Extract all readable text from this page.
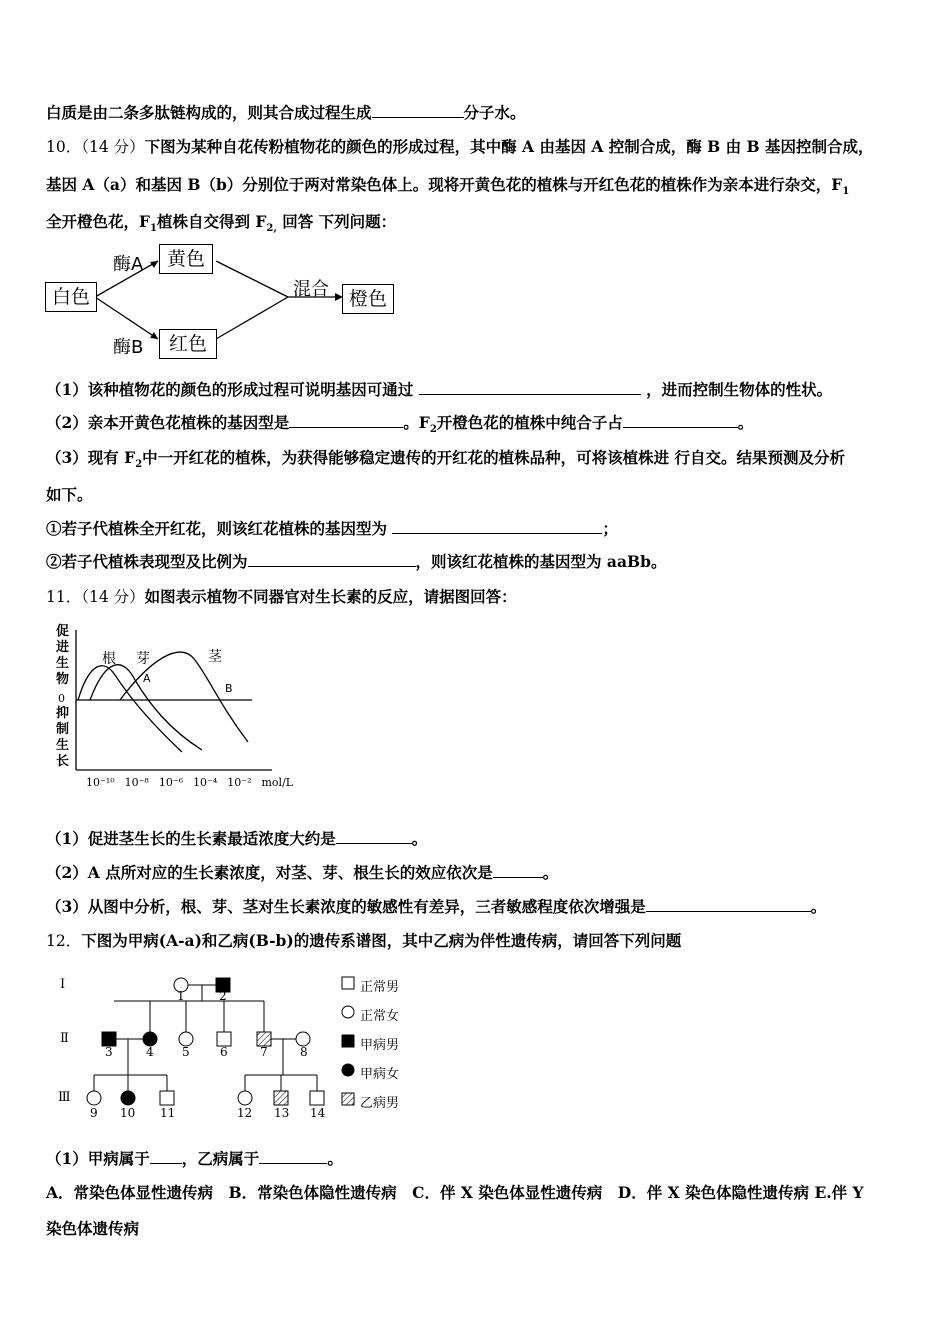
白质是由二条多肽链构成的，则其合成过程生成	分子水。
10．（14 分）下图为某种自花传粉植物花的颜色的形成过程，其中酶 A 由基因 A 控制合成，酶 B 由 B 基因控制合成，
基因 A（a）和基因 B（b）分别位于两对常染色体上。现将开黄色花的植株与开红色花的植株作为亲本进行杂交，$F_1$
全开橙色花，$F_1$植株自交得到 $F_{2,}$ 回答 下列问题：
白色
黄色
红色
橙色
酶A
酶B
混合
（1）该种植物花的颜色的形成过程可说明基因可通过	，进而控制生物体的性状。
（2）亲本开黄色花植株的基因型是	。$F_2$开橙色花的植株中纯合子占	。
（3）现有 $F_2$中一开红花的植株，为获得能够稳定遗传的开红花的植株品种，可将该植株进 行自交。结果预测及分析
如下。
①若子代植株全开红花，则该红花植株的基因型为	；
②若子代植株表现型及比例为	，则该红花植株的基因型为 aaBb。
11．（14 分）如图表示植物不同器官对生长素的反应，请据图回答：
促进生物
0
抑制生长
根 芽	茎
A
B
10⁻¹⁰ 10⁻⁸ 10⁻⁶ 10⁻⁴ 10⁻² mol/L
（1）促进茎生长的生长素最适浓度大约是	。
（2）A 点所对应的生长素浓度，对茎、芽、根生长的效应依次是	。
（3）从图中分析，根、芽、茎对生长素浓度的敏感性有差异，三者敏感程度依次增强是	。
12．下图为甲病(A-a)和乙病(B-b)的遗传系谱图，其中乙病为伴性遗传病，请回答下列问题
I
Ⅱ
Ⅲ
1	2
3	4 5	6	7	8
9 10 11	12 13 14
正常男
正常女
甲病男
甲病女
乙病男
（1）甲病属于 ，乙病属于	。
A．常染色体显性遗传病　B．常染色体隐性遗传病　C．伴 X 染色体显性遗传病　D．伴 X 染色体隐性遗传病 E.伴 Y
染色体遗传病
